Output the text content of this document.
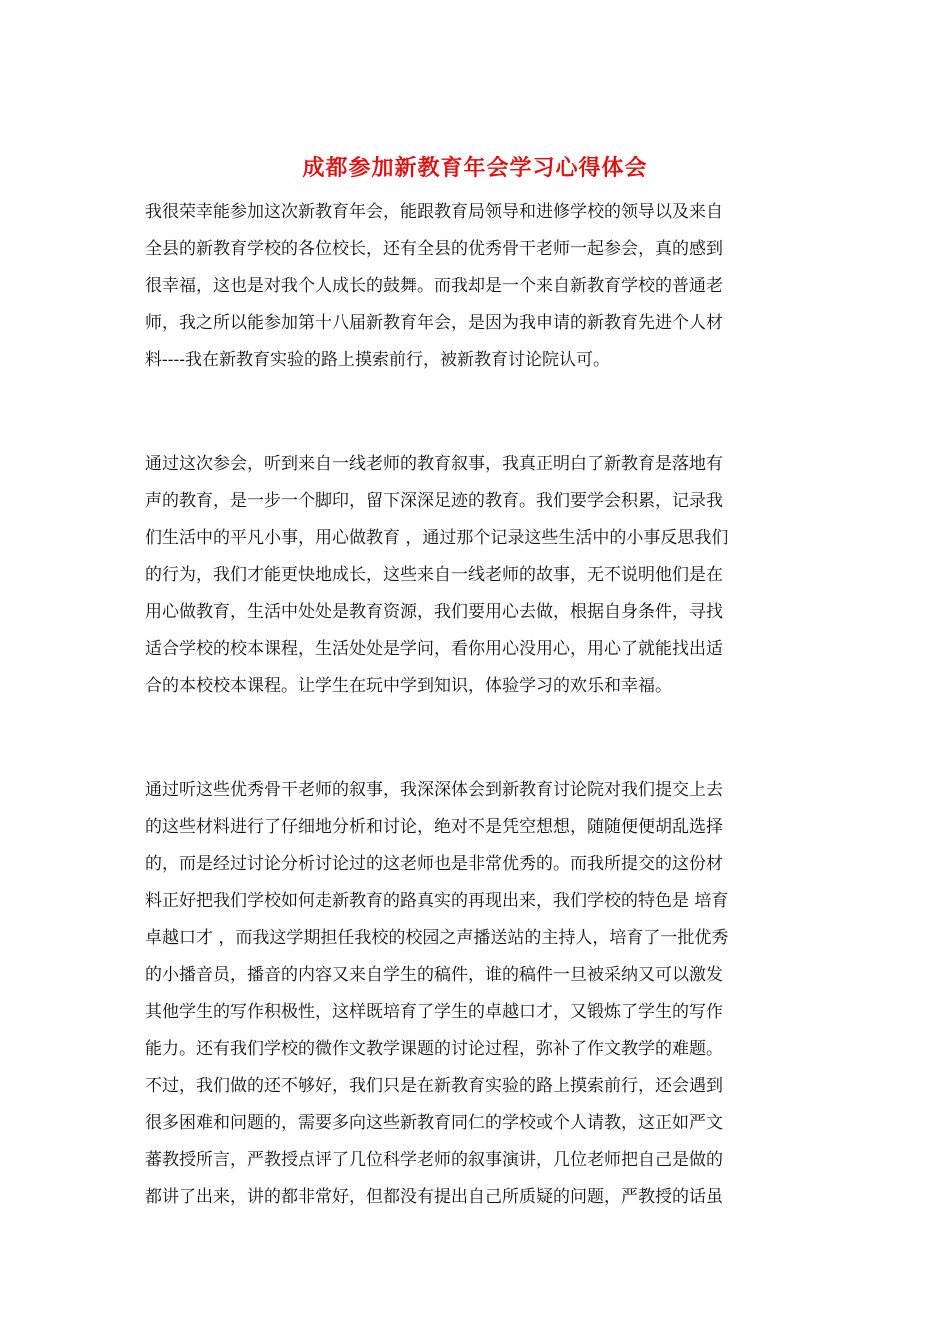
成都参加新教育年会学习心得体会
我很荣幸能参加这次新教育年会，能跟教育局领导和进修学校的领导以及来自
全县的新教育学校的各位校长，还有全县的优秀骨干老师一起参会，真的感到
很幸福，这也是对我个人成长的鼓舞。而我却是一个来自新教育学校的普通老
师，我之所以能参加第十八届新教育年会，是因为我申请的新教育先进个人材
料----我在新教育实验的路上摸索前行，被新教育讨论院认可。
通过这次参会，听到来自一线老师的教育叙事，我真正明白了新教育是落地有
声的教育，是一步一个脚印，留下深深足迹的教育。我们要学会积累，记录我
们生活中的平凡小事，用心做教育 ，通过那个记录这些生活中的小事反思我们
的行为，我们才能更快地成长，这些来自一线老师的故事，无不说明他们是在
用心做教育，生活中处处是教育资源，我们要用心去做，根据自身条件，寻找
适合学校的校本课程，生活处处是学问，看你用心没用心，用心了就能找出适
合的本校校本课程。让学生在玩中学到知识，体验学习的欢乐和幸福。
通过听这些优秀骨干老师的叙事，我深深体会到新教育讨论院对我们提交上去
的这些材料进行了仔细地分析和讨论，绝对不是凭空想想，随随便便胡乱选择
的，而是经过讨论分析讨论过的这老师也是非常优秀的。而我所提交的这份材
料正好把我们学校如何走新教育的路真实的再现出来，我们学校的特色是 培育
卓越口才 ，而我这学期担任我校的校园之声播送站的主持人，培育了一批优秀
的小播音员，播音的内容又来自学生的稿件，谁的稿件一旦被采纳又可以激发
其他学生的写作积极性，这样既培育了学生的卓越口才，又锻炼了学生的写作
能力。还有我们学校的微作文教学课题的讨论过程，弥补了作文教学的难题。
不过，我们做的还不够好，我们只是在新教育实验的路上摸索前行，还会遇到
很多困难和问题的，需要多向这些新教育同仁的学校或个人请教，这正如严文
蕃教授所言，严教授点评了几位科学老师的叙事演讲，几位老师把自己是做的
都讲了出来，讲的都非常好，但都没有提出自己所质疑的问题，严教授的话虽
